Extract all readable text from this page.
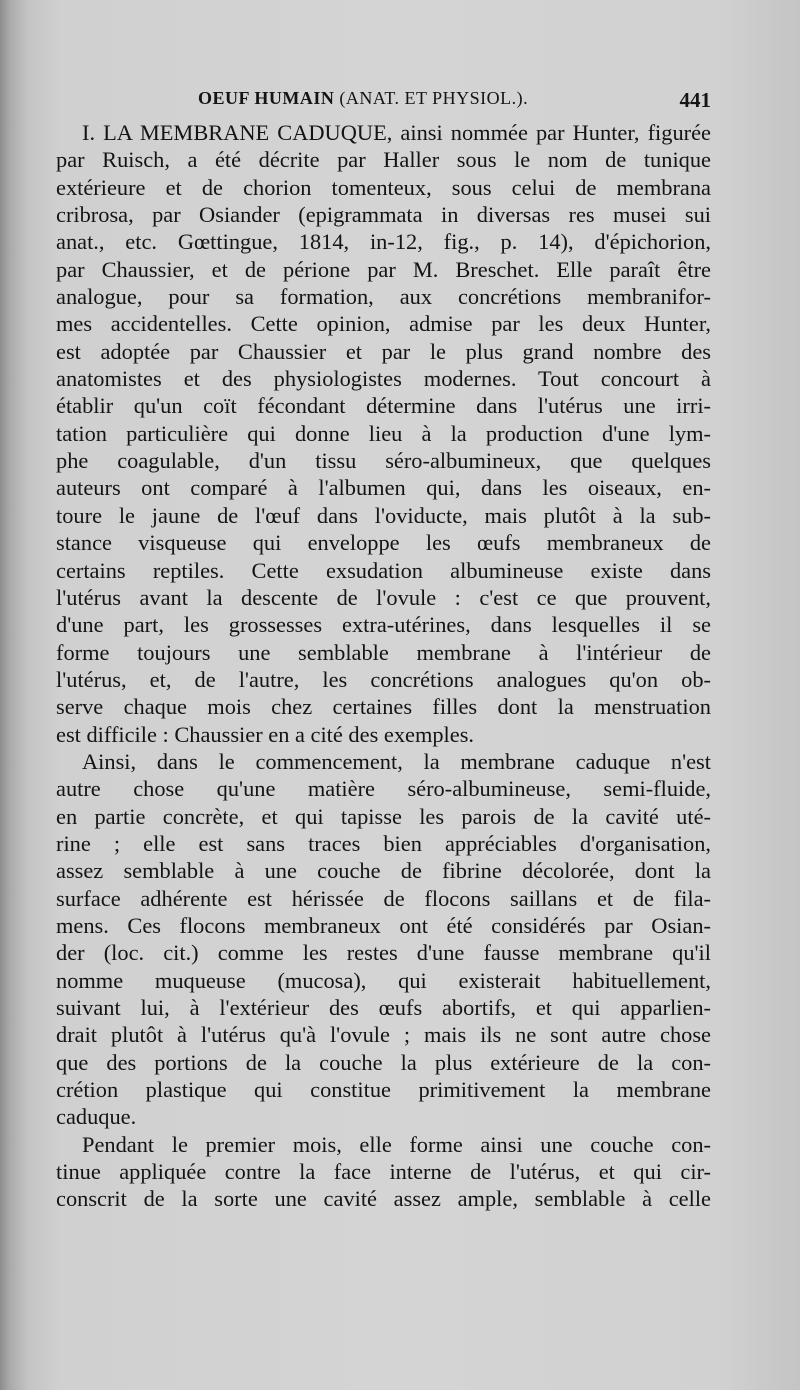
OEUF HUMAIN (ANAT. ET PHYSIOL.).	441
I. LA MEMBRANE CADUQUE, ainsi nommée par Hunter, figurée
par Ruisch, a été décrite par Haller sous le nom de tunique
extérieure et de chorion tomenteux, sous celui de membrana
cribrosa, par Osiander (epigrammata in diversas res musei sui
anat., etc. Gœttingue, 1814, in-12, fig., p. 14), d'épichorion,
par Chaussier, et de périone par M. Breschet. Elle paraît être
analogue, pour sa formation, aux concrétions membranifor-
mes accidentelles. Cette opinion, admise par les deux Hunter,
est adoptée par Chaussier et par le plus grand nombre des
anatomistes et des physiologistes modernes. Tout concourt à
établir qu'un coït fécondant détermine dans l'utérus une irri-
tation particulière qui donne lieu à la production d'une lym-
phe coagulable, d'un tissu séro-albumineux, que quelques
auteurs ont comparé à l'albumen qui, dans les oiseaux, en-
toure le jaune de l'œuf dans l'oviducte, mais plutôt à la sub-
stance visqueuse qui enveloppe les œufs membraneux de
certains reptiles. Cette exsudation albumineuse existe dans
l'utérus avant la descente de l'ovule : c'est ce que prouvent,
d'une part, les grossesses extra-utérines, dans lesquelles il se
forme toujours une semblable membrane à l'intérieur de
l'utérus, et, de l'autre, les concrétions analogues qu'on ob-
serve chaque mois chez certaines filles dont la menstruation
est difficile : Chaussier en a cité des exemples.
Ainsi, dans le commencement, la membrane caduque n'est
autre chose qu'une matière séro-albumineuse, semi-fluide,
en partie concrète, et qui tapisse les parois de la cavité uté-
rine ; elle est sans traces bien appréciables d'organisation,
assez semblable à une couche de fibrine décolorée, dont la
surface adhérente est hérissée de flocons saillans et de fila-
mens. Ces flocons membraneux ont été considérés par Osian-
der (loc. cit.) comme les restes d'une fausse membrane qu'il
nomme muqueuse (mucosa), qui existerait habituellement,
suivant lui, à l'extérieur des œufs abortifs, et qui apparlien-
drait plutôt à l'utérus qu'à l'ovule ; mais ils ne sont autre chose
que des portions de la couche la plus extérieure de la con-
crétion plastique qui constitue primitivement la membrane
caduque.
Pendant le premier mois, elle forme ainsi une couche con-
tinue appliquée contre la face interne de l'utérus, et qui cir-
conscrit de la sorte une cavité assez ample, semblable à celle
